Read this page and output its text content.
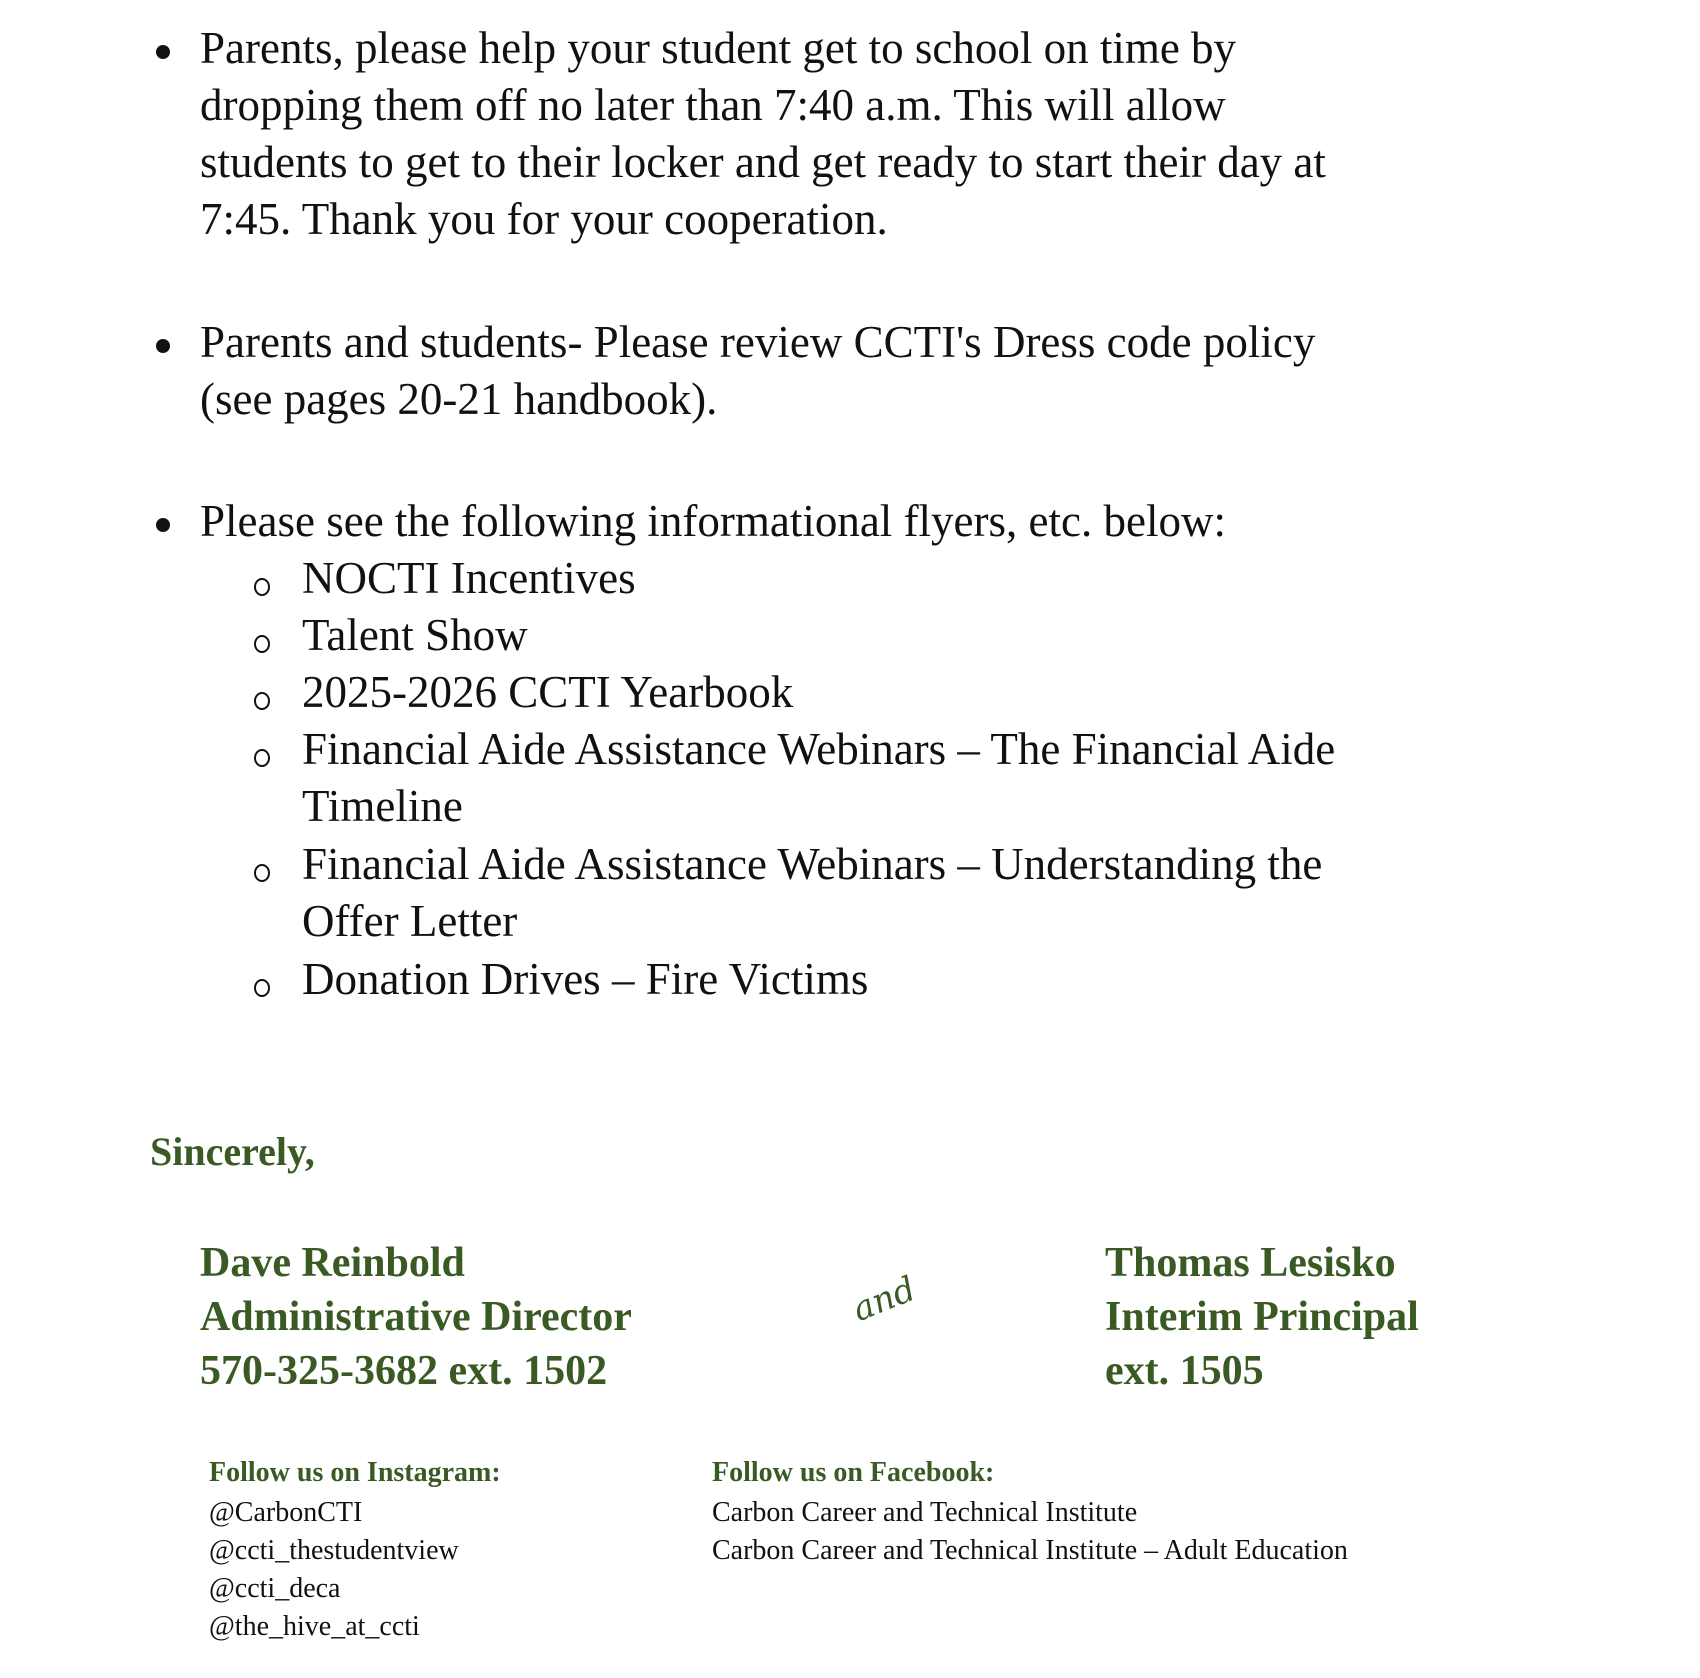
Parents, please help your student get to school on time by
dropping them off no later than 7:40 a.m. This will allow
students to get to their locker and get ready to start their day at
7:45. Thank you for your cooperation.
Parents and students- Please review CCTI's Dress code policy
(see pages 20-21 handbook).
Please see the following informational flyers, etc. below:
NOCTI Incentives
Talent Show
2025-2026 CCTI Yearbook
Financial Aide Assistance Webinars – The Financial Aide
Timeline
Financial Aide Assistance Webinars – Understanding the
Offer Letter
Donation Drives – Fire Victims
Sincerely,
Dave Reinbold
Administrative Director
570-325-3682 ext. 1502
and
Thomas Lesisko
Interim Principal
ext. 1505
Follow us on Instagram:
@CarbonCTI
@ccti_thestudentview
@ccti_deca
@the_hive_at_ccti
Follow us on Facebook:
Carbon Career and Technical Institute
Carbon Career and Technical Institute – Adult Education
